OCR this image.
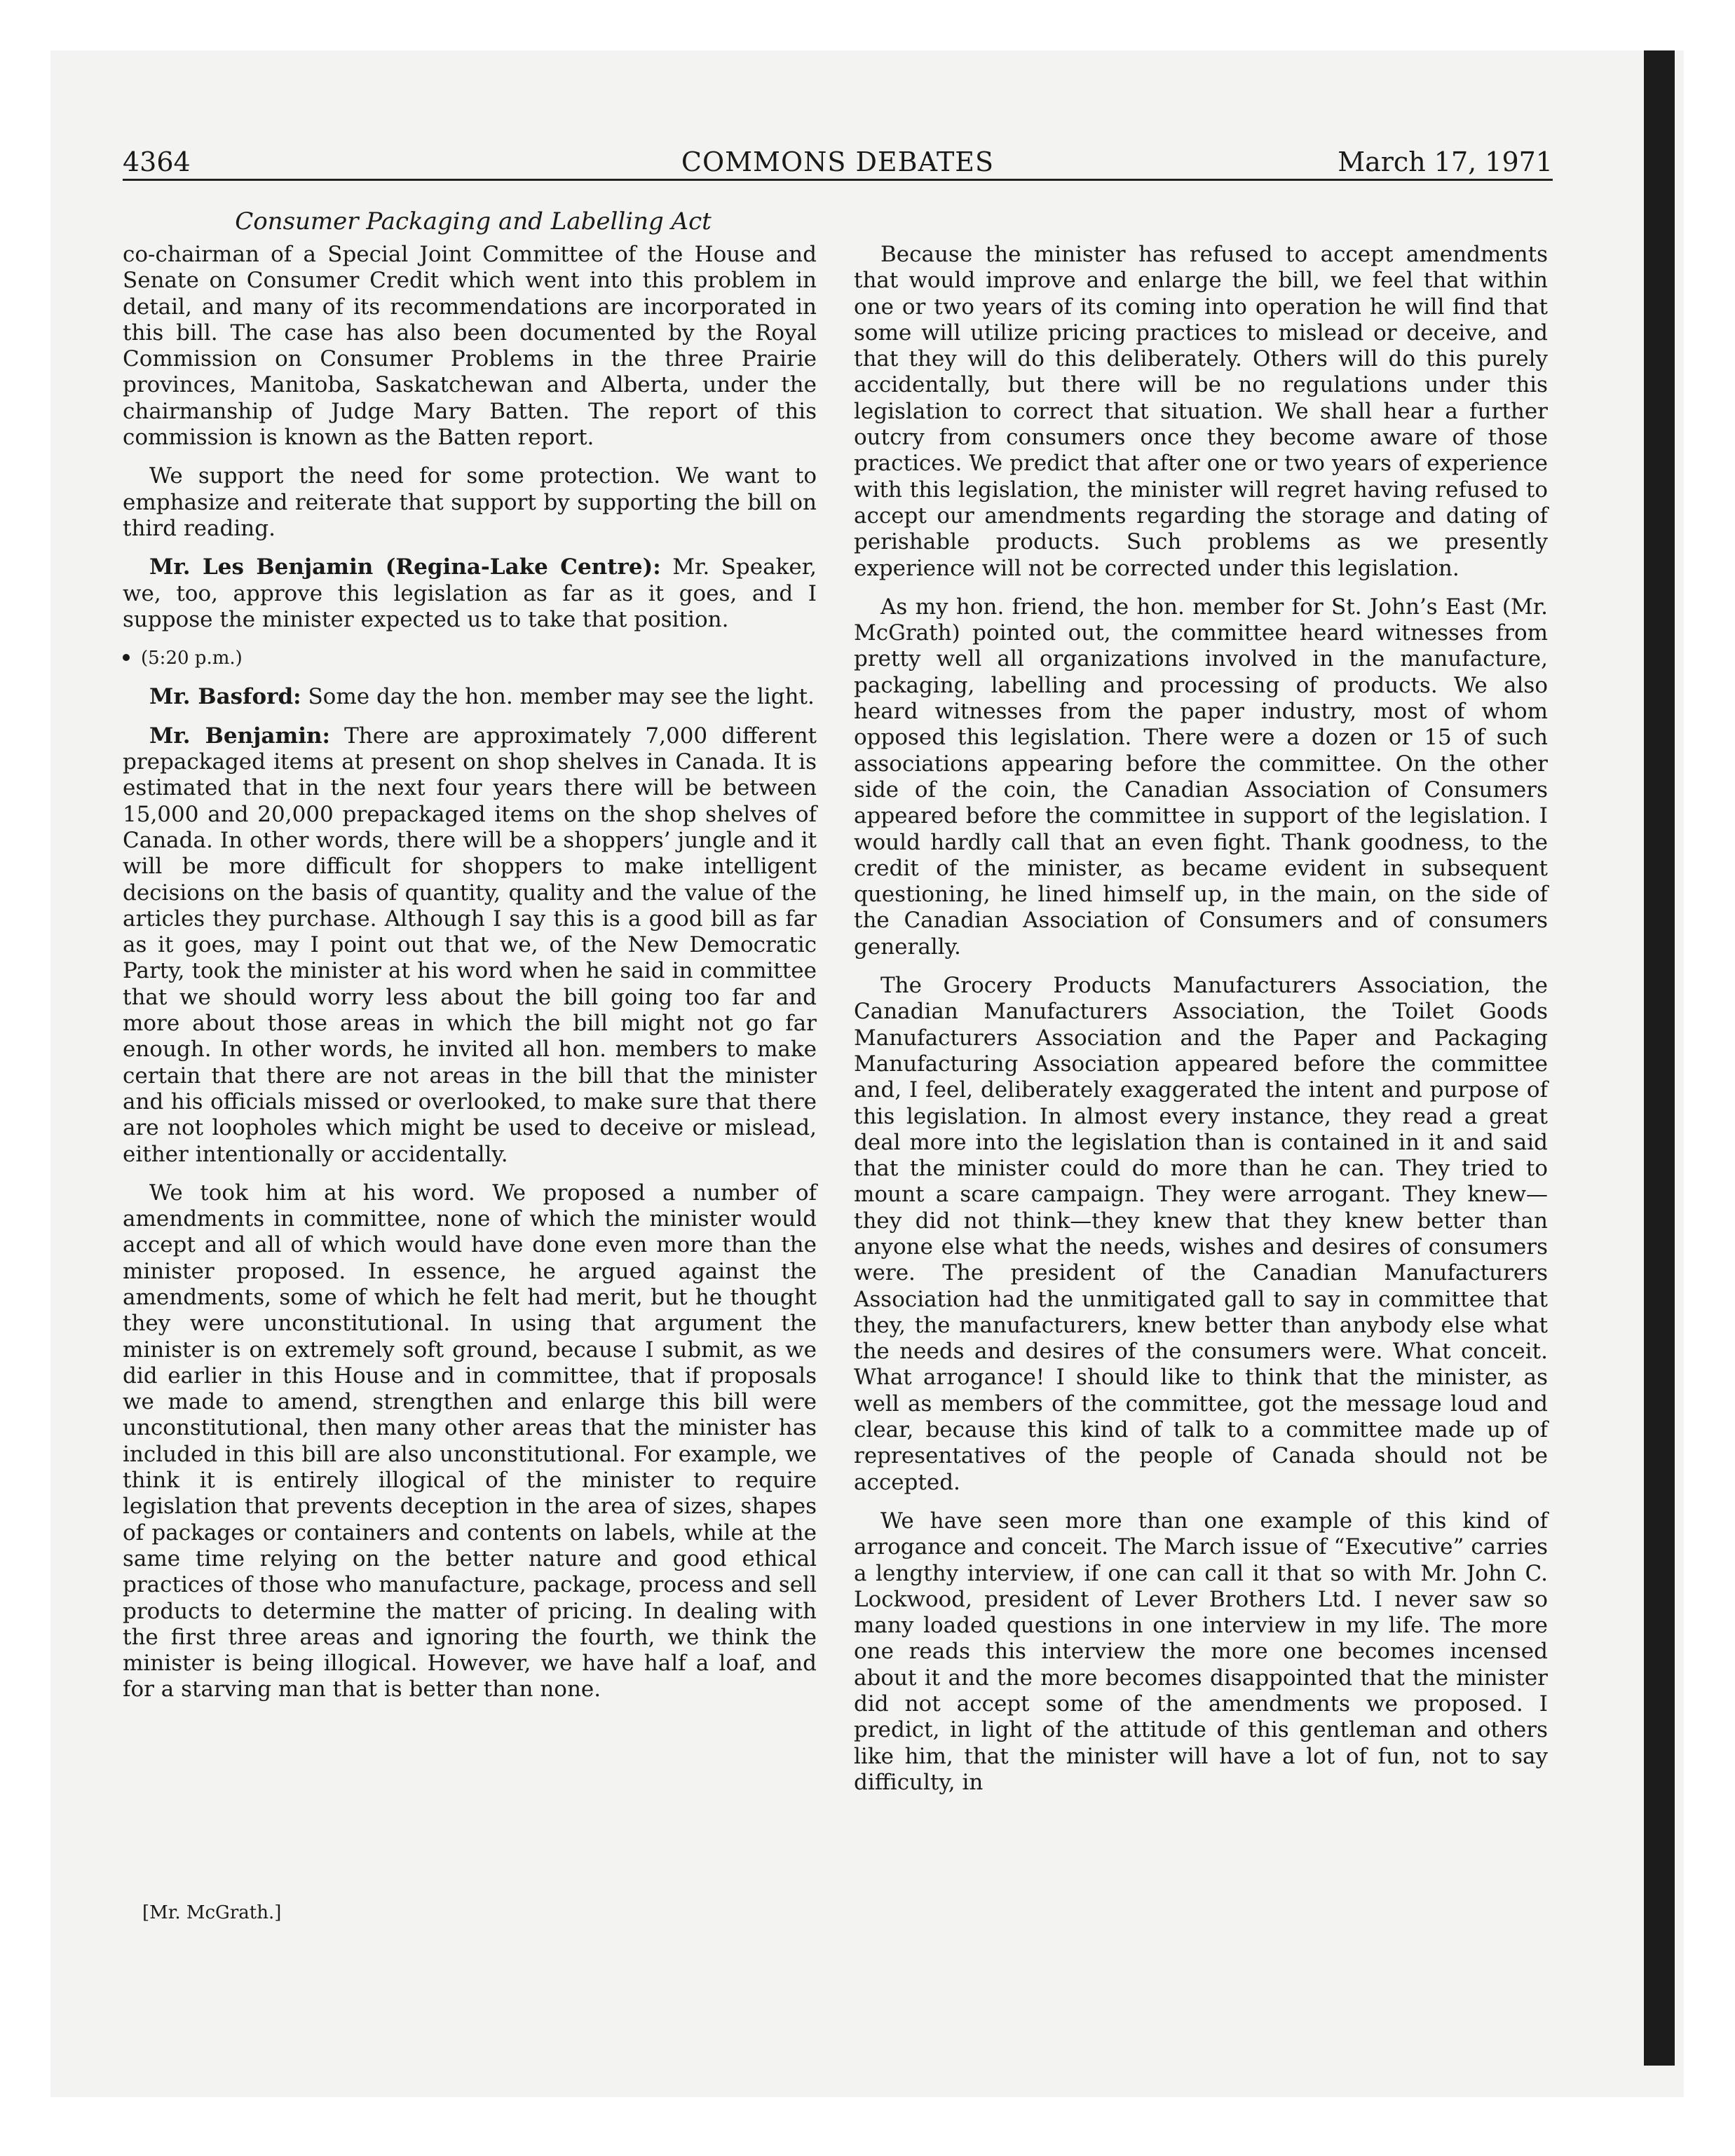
4364	COMMONS DEBATES	March 17, 1971
Consumer Packaging and Labelling Act

co-chairman of a Special Joint Committee of the House and Senate on Consumer Credit which went into this problem in detail, and many of its recommendations are incorporated in this bill. The case has also been documented by the Royal Commission on Consumer Problems in the three Prairie provinces, Manitoba, Saskatchewan and Alberta, under the chairmanship of Judge Mary Batten. The report of this commission is known as the Batten report.

We support the need for some protection. We want to emphasize and reiterate that support by supporting the bill on third reading.

Mr. Les Benjamin (Regina-Lake Centre): Mr. Speaker, we, too, approve this legislation as far as it goes, and I suppose the minister expected us to take that position.

(5:20 p.m.)

Mr. Basford: Some day the hon. member may see the light.

Mr. Benjamin: There are approximately 7,000 different prepackaged items at present on shop shelves in Canada. It is estimated that in the next four years there will be between 15,000 and 20,000 prepackaged items on the shop shelves of Canada. In other words, there will be a shoppers’ jungle and it will be more difficult for shoppers to make intelligent decisions on the basis of quantity, quality and the value of the articles they purchase. Although I say this is a good bill as far as it goes, may I point out that we, of the New Democratic Party, took the minister at his word when he said in committee that we should worry less about the bill going too far and more about those areas in which the bill might not go far enough. In other words, he invited all hon. members to make certain that there are not areas in the bill that the minister and his officials missed or overlooked, to make sure that there are not loopholes which might be used to deceive or mislead, either intentionally or accidentally.

We took him at his word. We proposed a number of amendments in committee, none of which the minister would accept and all of which would have done even more than the minister proposed. In essence, he argued against the amendments, some of which he felt had merit, but he thought they were unconstitutional. In using that argument the minister is on extremely soft ground, because I submit, as we did earlier in this House and in committee, that if proposals we made to amend, strengthen and enlarge this bill were unconstitutional, then many other areas that the minister has included in this bill are also unconstitutional. For example, we think it is entirely illogical of the minister to require legislation that prevents deception in the area of sizes, shapes of packages or containers and contents on labels, while at the same time relying on the better nature and good ethical practices of those who manufacture, package, process and sell products to determine the matter of pricing. In dealing with the first three areas and ignoring the fourth, we think the minister is being illogical. However, we have half a loaf, and for a starving man that is better than none.

[Mr. McGrath.]

Because the minister has refused to accept amendments that would improve and enlarge the bill, we feel that within one or two years of its coming into operation he will find that some will utilize pricing practices to mislead or deceive, and that they will do this deliberately. Others will do this purely accidentally, but there will be no regulations under this legislation to correct that situation. We shall hear a further outcry from consumers once they become aware of those practices. We predict that after one or two years of experience with this legislation, the minister will regret having refused to accept our amendments regarding the storage and dating of perishable products. Such problems as we presently experience will not be corrected under this legislation.

As my hon. friend, the hon. member for St. John’s East (Mr. McGrath) pointed out, the committee heard witnesses from pretty well all organizations involved in the manufacture, packaging, labelling and processing of products. We also heard witnesses from the paper industry, most of whom opposed this legislation. There were a dozen or 15 of such associations appearing before the committee. On the other side of the coin, the Canadian Association of Consumers appeared before the committee in support of the legislation. I would hardly call that an even fight. Thank goodness, to the credit of the minister, as became evident in subsequent questioning, he lined himself up, in the main, on the side of the Canadian Association of Consumers and of consumers generally.

The Grocery Products Manufacturers Association, the Canadian Manufacturers Association, the Toilet Goods Manufacturers Association and the Paper and Packaging Manufacturing Association appeared before the committee and, I feel, deliberately exaggerated the intent and purpose of this legislation. In almost every instance, they read a great deal more into the legislation than is contained in it and said that the minister could do more than he can. They tried to mount a scare campaign. They were arrogant. They knew—they did not think—they knew that they knew better than anyone else what the needs, wishes and desires of consumers were. The president of the Canadian Manufacturers Association had the unmitigated gall to say in committee that they, the manufacturers, knew better than anybody else what the needs and desires of the consumers were. What conceit. What arrogance! I should like to think that the minister, as well as members of the committee, got the message loud and clear, because this kind of talk to a committee made up of representatives of the people of Canada should not be accepted.

We have seen more than one example of this kind of arrogance and conceit. The March issue of “Executive” carries a lengthy interview, if one can call it that so with Mr. John C. Lockwood, president of Lever Brothers Ltd. I never saw so many loaded questions in one interview in my life. The more one reads this interview the more one becomes incensed about it and the more becomes disappointed that the minister did not accept some of the amendments we proposed. I predict, in light of the attitude of this gentleman and others like him, that the minister will have a lot of fun, not to say difficulty, in
